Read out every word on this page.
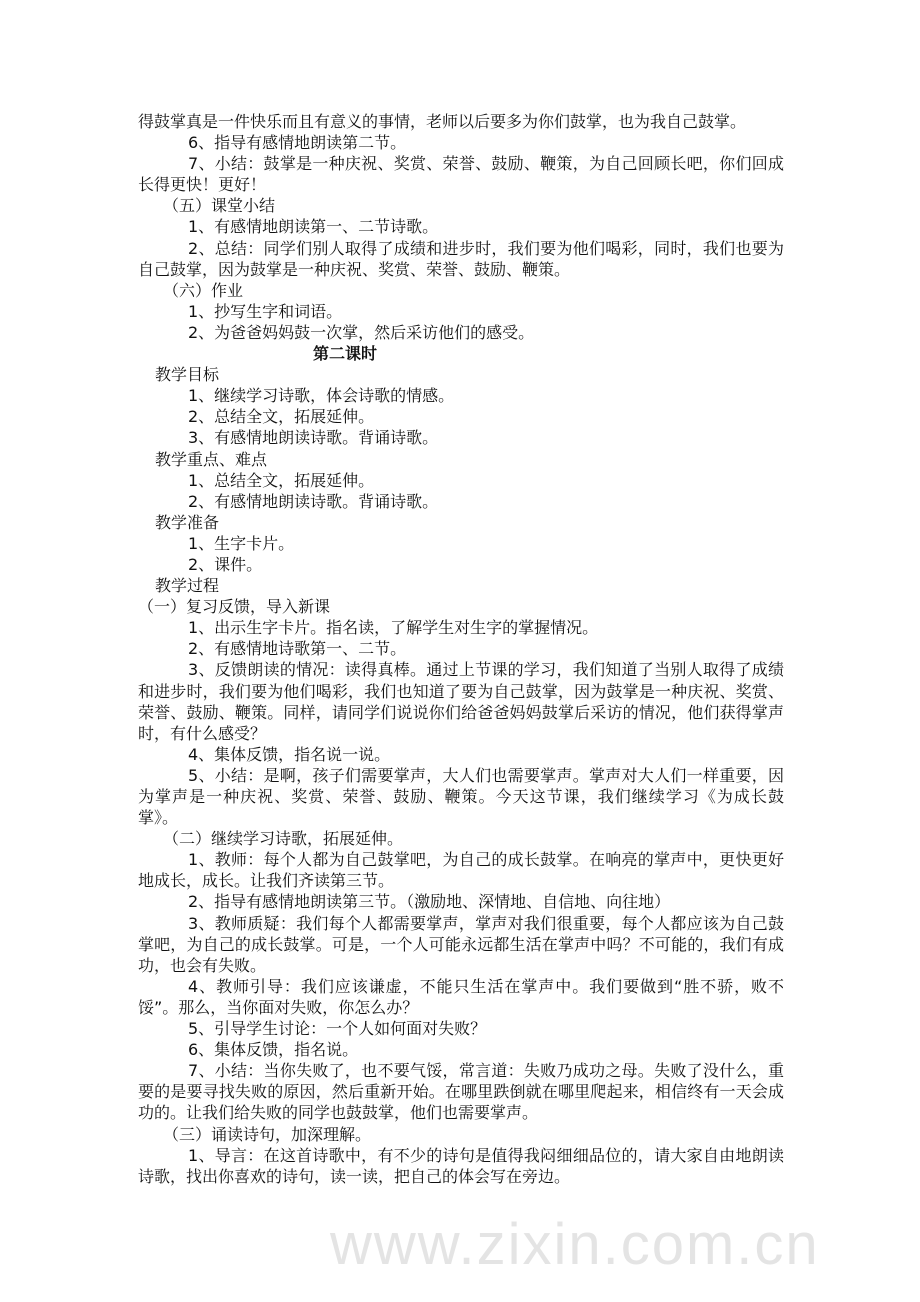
www.zixin.com.cn

得鼓掌真是一件快乐而且有意义的事情，老师以后要多为你们鼓掌，也为我自己鼓掌。

6、指导有感情地朗读第二节。

7、小结：鼓掌是一种庆祝、奖赏、荣誉、鼓励、鞭策，为自己回顾长吧，你们回成长得更快！更好！

（五）课堂小结

1、有感情地朗读第一、二节诗歌。

2、总结：同学们别人取得了成绩和进步时，我们要为他们喝彩，同时，我们也要为自己鼓掌，因为鼓掌是一种庆祝、奖赏、荣誉、鼓励、鞭策。

（六）作业

1、抄写生字和词语。

2、为爸爸妈妈鼓一次掌，然后采访他们的感受。

第二课时

教学目标

1、继续学习诗歌，体会诗歌的情感。

2、总结全文，拓展延伸。

3、有感情地朗读诗歌。背诵诗歌。

教学重点、难点

1、总结全文，拓展延伸。

2、有感情地朗读诗歌。背诵诗歌。

教学准备

1、生字卡片。

2、课件。

教学过程

（一）复习反馈，导入新课

1、出示生字卡片。指名读，了解学生对生字的掌握情况。

2、有感情地诗歌第一、二节。

3、反馈朗读的情况：读得真棒。通过上节课的学习，我们知道了当别人取得了成绩和进步时，我们要为他们喝彩，我们也知道了要为自己鼓掌，因为鼓掌是一种庆祝、奖赏、荣誉、鼓励、鞭策。同样，请同学们说说你们给爸爸妈妈鼓掌后采访的情况，他们获得掌声时，有什么感受？

4、集体反馈，指名说一说。

5、小结：是啊，孩子们需要掌声，大人们也需要掌声。掌声对大人们一样重要，因为掌声是一种庆祝、奖赏、荣誉、鼓励、鞭策。今天这节课，我们继续学习《为成长鼓掌》。

（二）继续学习诗歌，拓展延伸。

1、教师：每个人都为自己鼓掌吧，为自己的成长鼓掌。在响亮的掌声中，更快更好地成长，成长。让我们齐读第三节。

2、指导有感情地朗读第三节。（激励地、深情地、自信地、向往地）

3、教师质疑：我们每个人都需要掌声，掌声对我们很重要，每个人都应该为自己鼓掌吧，为自己的成长鼓掌。可是，一个人可能永远都生活在掌声中吗？不可能的，我们有成功，也会有失败。

4、教师引导：我们应该谦虚，不能只生活在掌声中。我们要做到“胜不骄，败不馁”。那么，当你面对失败，你怎么办？

5、引导学生讨论：一个人如何面对失败？

6、集体反馈，指名说。

7、小结：当你失败了，也不要气馁，常言道：失败乃成功之母。失败了没什么，重要的是要寻找失败的原因，然后重新开始。在哪里跌倒就在哪里爬起来，相信终有一天会成功的。让我们给失败的同学也鼓鼓掌，他们也需要掌声。

（三）诵读诗句，加深理解。

1、导言：在这首诗歌中，有不少的诗句是值得我闷细细品位的，请大家自由地朗读诗歌，找出你喜欢的诗句，读一读，把自己的体会写在旁边。
